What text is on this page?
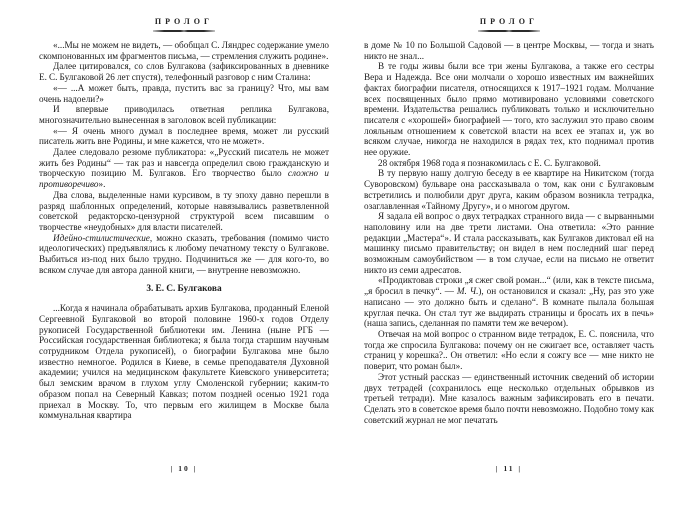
ПРОЛОГ

«...Мы не можем не видеть, — обобщал С. Ляндрес содержание умело скомпонованных им фрагментов письма, — стремления служить родине».

Далее цитировался, со слов Булгакова (зафиксированных в дневнике Е. С. Булгаковой 26 лет спустя), телефонный разговор с ним Сталина:

«— ...А может быть, правда, пустить вас за границу? Что, мы вам очень надоели?»

И впервые приводилась ответная реплика Булгакова, многозначительно вынесенная в заголовок всей публикации:

«— Я очень много думал в последнее время, может ли русский писатель жить вне Родины, и мне кажется, что не может».

Далее следовало резюме публикатора: «„Русский писатель не может жить без Родины“ — так раз и навсегда определил свою гражданскую и творческую позицию М. Булгаков. Его творчество было сложно и противоречиво».

Два слова, выделенные нами курсивом, в ту эпоху давно перешли в разряд шаблонных определений, которые навязывались разветвленной советской редакторско-цензурной структурой всем писавшим о творчестве «неудобных» для власти писателей.

Идейно-стилистические, можно сказать, требования (помимо чисто идеологических) предъявлялись к любому печатному тексту о Булгакове. Выбиться из-под них было трудно. Подчиниться же — для кого-то, во всяком случае для автора данной книги, — внутренне невозможно.

3. Е. С. Булгакова

...Когда я начинала обрабатывать архив Булгакова, проданный Еленой Сергеевной Булгаковой во второй половине 1960-х годов Отделу рукописей Государственной библиотеки им. Ленина (ныне РГБ — Российская государственная библиотека; я была тогда старшим научным сотрудником Отдела рукописей), о биографии Булгакова мне было известно немногое. Родился в Киеве, в семье преподавателя Духовной академии; учился на медицинском факультете Киевского университета; был земским врачом в глухом углу Смоленской губернии; каким-то образом попал на Северный Кавказ; потом поздней осенью 1921 года приехал в Москву. То, что первым его жилищем в Москве была коммунальная квартира

| 10 |
ПРОЛОГ

в доме № 10 по Большой Садовой — в центре Москвы, — тогда и знать никто не знал...

В те годы живы были все три жены Булгакова, а также его сестры Вера и Надежда. Все они молчали о хорошо известных им важнейших фактах биографии писателя, относящихся к 1917–1921 годам. Молчание всех посвященных было прямо мотивировано условиями советского времени. Издательства решались публиковать только и исключительно писателя с «хорошей» биографией — того, кто заслужил это право своим лояльным отношением к советской власти на всех ее этапах и, уж во всяком случае, никогда не находился в рядах тех, кто поднимал против нее оружие.

28 октября 1968 года я познакомилась с Е. С. Булгаковой.

В ту первую нашу долгую беседу в ее квартире на Никитском (тогда Суворовском) бульваре она рассказывала о том, как они с Булгаковым встретились и полюбили друг друга, каким образом возникла тетрадка, озаглавленная «Тайному Другу», и о многом другом.

Я задала ей вопрос о двух тетрадках странного вида — с вырванными наполовину или на две трети листами. Она ответила: «Это ранние редакции „Мастера“». И стала рассказывать, как Булгаков диктовал ей на машинку письмо правительству; он видел в нем последний шаг перед возможным самоубийством — в том случае, если на письмо не ответит никто из семи адресатов.

«Продиктовав строки „я сжег свой роман...“ (или, как в тексте письма, „я бросил в печку“. — М. Ч.), он остановился и сказал: „Ну, раз это уже написано — это должно быть и сделано“. В комнате пылала большая круглая печка. Он стал тут же выдирать страницы и бросать их в печь» (наша запись, сделанная по памяти тем же вечером).

Отвечая на мой вопрос о странном виде тетрадок, Е. С. пояснила, что тогда же спросила Булгакова: почему он не сжигает все, оставляет часть страниц у корешка?.. Он ответил: «Но если я сожгу все — мне никто не поверит, что роман был».

Этот устный рассказ — единственный источник сведений об истории двух тетрадей (сохранилось еще несколько отдельных обрывков из третьей тетради). Мне казалось важным зафиксировать его в печати. Сделать это в советское время было почти невозможно. Подобно тому как советский журнал не мог печатать

| 11 |
